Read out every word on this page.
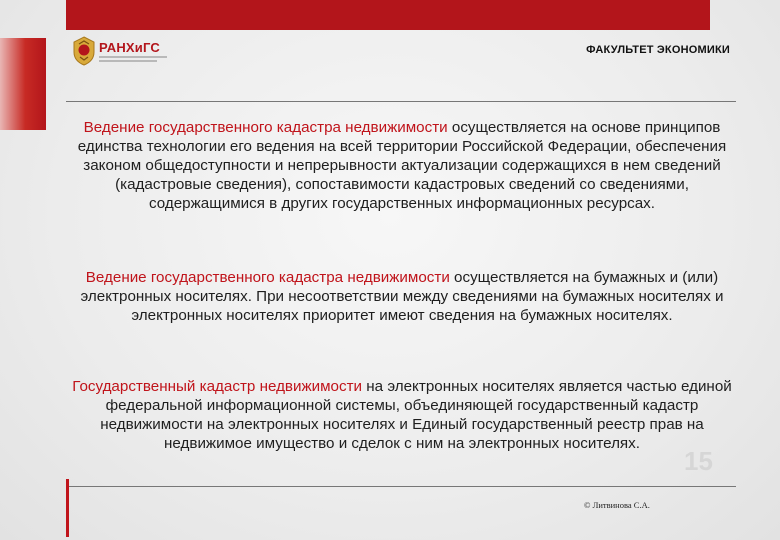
РАНХиГС	ФАКУЛЬТЕТ ЭКОНОМИКИ

Ведение государственного кадастра недвижимости осуществляется на основе принципов единства технологии его ведения на всей территории Российской Федерации, обеспечения законом общедоступности и непрерывности актуализации содержащихся в нем сведений (кадастровые сведения), сопоставимости кадастровых сведений со сведениями, содержащимися в других государственных информационных ресурсах.

Ведение государственного кадастра недвижимости осуществляется на бумажных и (или) электронных носителях. При несоответствии между сведениями на бумажных носителях и электронных носителях приоритет имеют сведения на бумажных носителях.

Государственный кадастр недвижимости на электронных носителях является частью единой федеральной информационной системы, объединяющей государственный кадастр недвижимости на электронных носителях и Единый государственный реестр прав на недвижимое имущество и сделок с ним на электронных носителях.

15
© Литвинова С.А.
